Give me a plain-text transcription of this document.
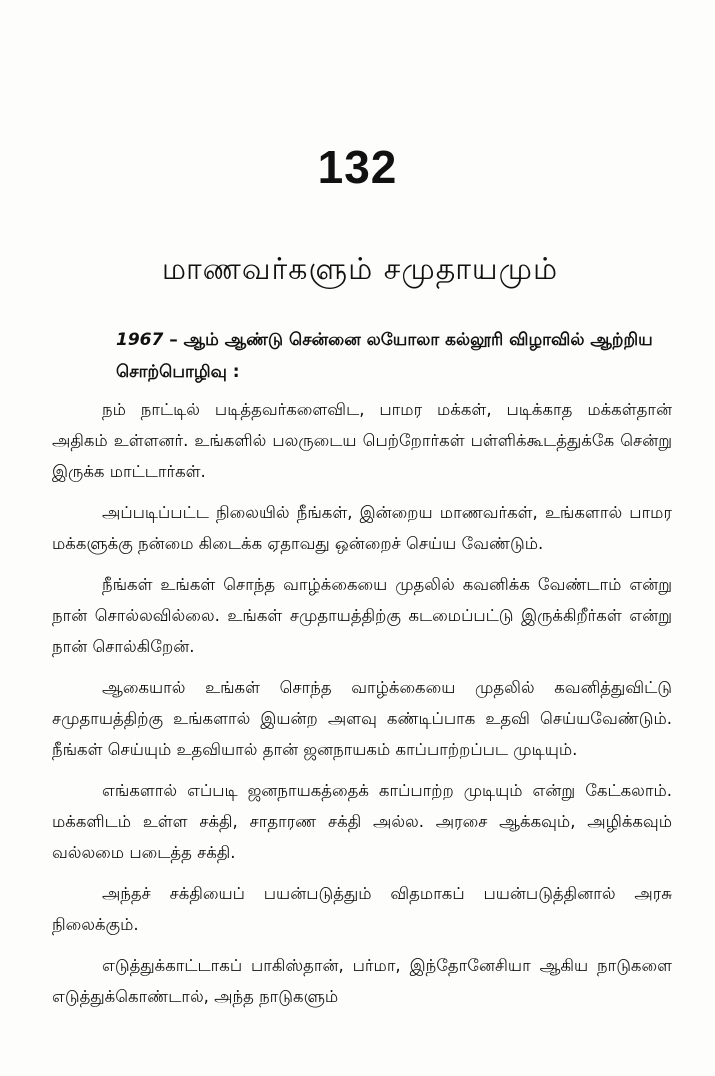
132
மாணவர்களும் சமுதாயமும்
1967 – ஆம் ஆண்டு சென்னை லயோலா கல்லூரி விழாவில் ஆற்றிய சொற்பொழிவு :

நம் நாட்டில் படித்தவர்களைவிட, பாமர மக்கள், படிக்காத மக்கள்தான் அதிகம் உள்ளனர். உங்களில் பலருடைய பெற்றோர்கள் பள்ளிக்கூடத்துக்கே சென்று இருக்க மாட்டார்கள்.

அப்படிப்பட்ட நிலையில் நீங்கள், இன்றைய மாணவர்கள், உங்களால் பாமர மக்களுக்கு நன்மை கிடைக்க ஏதாவது ஒன்றைச் செய்ய வேண்டும்.

நீங்கள் உங்கள் சொந்த வாழ்க்கையை முதலில் கவனிக்க வேண்டாம் என்று நான் சொல்லவில்லை. உங்கள் சமுதாயத்திற்கு கடமைப்பட்டு இருக்கிறீர்கள் என்று நான் சொல்கிறேன்.

ஆகையால் உங்கள் சொந்த வாழ்க்கையை முதலில் கவனித்துவிட்டு சமுதாயத்திற்கு உங்களால் இயன்ற அளவு கண்டிப்பாக உதவி செய்யவேண்டும். நீங்கள் செய்யும் உதவியால் தான் ஜனநாயகம் காப்பாற்றப்பட முடியும்.

எங்களால் எப்படி ஜனநாயகத்தைக் காப்பாற்ற முடியும் என்று கேட்கலாம். மக்களிடம் உள்ள சக்தி, சாதாரண சக்தி அல்ல. அரசை ஆக்கவும், அழிக்கவும் வல்லமை படைத்த சக்தி.

அந்தச் சக்தியைப் பயன்படுத்தும் விதமாகப் பயன்படுத்தினால் அரசு நிலைக்கும்.

எடுத்துக்காட்டாகப் பாகிஸ்தான், பர்மா, இந்தோனேசியா ஆகிய நாடுகளை எடுத்துக்கொண்டால், அந்த நாடுகளும்
